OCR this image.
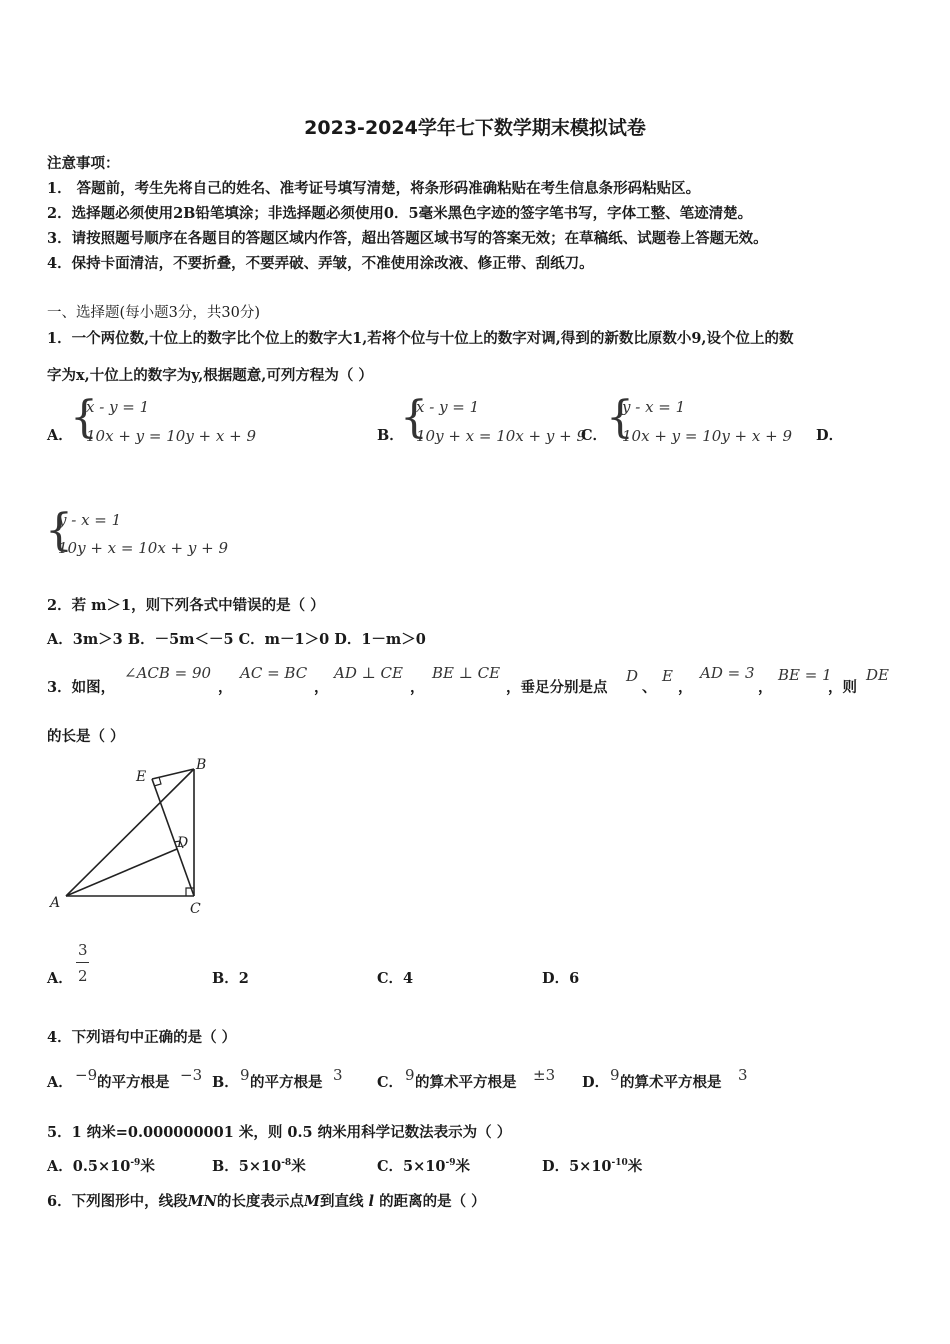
2023-2024学年七下数学期末模拟试卷
注意事项：
1． 答题前，考生先将自己的姓名、准考证号填写清楚，将条形码准确粘贴在考生信息条形码粘贴区。
2．选择题必须使用2B铅笔填涂；非选择题必须使用0．5毫米黑色字迹的签字笔书写，字体工整、笔迹清楚。
3．请按照题号顺序在各题目的答题区域内作答，超出答题区域书写的答案无效；在草稿纸、试题卷上答题无效。
4．保持卡面清洁，不要折叠，不要弄破、弄皱，不准使用涂改液、修正带、刮纸刀。
一、选择题(每小题3分，共30分)
1．一个两位数,十位上的数字比个位上的数字大1,若将个位与十位上的数字对调,得到的新数比原数小9,设个位上的数
字为x,十位上的数字为y,根据题意,可列方程为（ ）
A．
{
x - y = 1
10x + y = 10y + x + 9	B．
{
x - y = 1
10y + x = 10x + y + 9
C．
{
y - x = 1
10x + y = 10y + x + 9 D．
{
y - x = 1
10y + x = 10x + y + 9
2．若 m＞1，则下列各式中错误的是（ ）
A．3m＞3 B．－5m＜－5 C．m－1＞0 D．1－m＞0
3．如图，
∠ACB = 90
，
AC = BC
，
AD ⊥ CE
，
BE ⊥ CE
，垂足分别是点
D
、
E
，
AD = 3
，
BE = 1
，则
DE
的长是（ ）
A
B
C
D
E
A．
3
2	B．2	C．4	D．6
4．下列语句中正确的是（ ）
A． −9 的平方根是 −3 B． 9 的平方根是 3 C． 9 的算术平方根是 ±3 D． 9 的算术平方根是 3
5．1 纳米=0.000000001 米，则 0.5 纳米用科学记数法表示为（ ）
A．$0.5\times 10^{-9}$米	B．$5\times 10^{-8}$米	C．$5\times 10^{-9}$米	D．$5\times 10^{-10}$米
6．下列图形中，线段MN的长度表示点M到直线 l 的距离的是（ ）
